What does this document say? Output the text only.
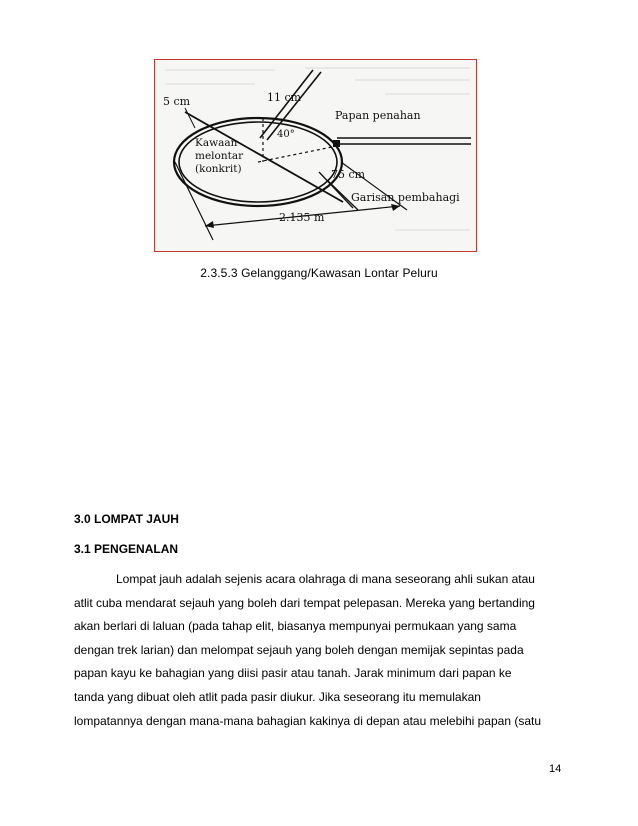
5 cm	11 cm
40°
Papan penahan
Kawaan
melontar
(konkrit)	75 cm
Garisan pembahagi
2.135 m
2.3.5.3 Gelanggang/Kawasan Lontar Peluru
3.0 LOMPAT JAUH
3.1 PENGENALAN

Lompat jauh adalah sejenis acara olahraga di mana seseorang ahli sukan atau
atlit cuba mendarat sejauh yang boleh dari tempat pelepasan. Mereka yang bertanding
akan berlari di laluan (pada tahap elit, biasanya mempunyai permukaan yang sama
dengan trek larian) dan melompat sejauh yang boleh dengan memijak sepintas pada
papan kayu ke bahagian yang diisi pasir atau tanah. Jarak minimum dari papan ke
tanda yang dibuat oleh atlit pada pasir diukur. Jika seseorang itu memulakan
lompatannya dengan mana-mana bahagian kakinya di depan atau melebihi papan (satu

14
